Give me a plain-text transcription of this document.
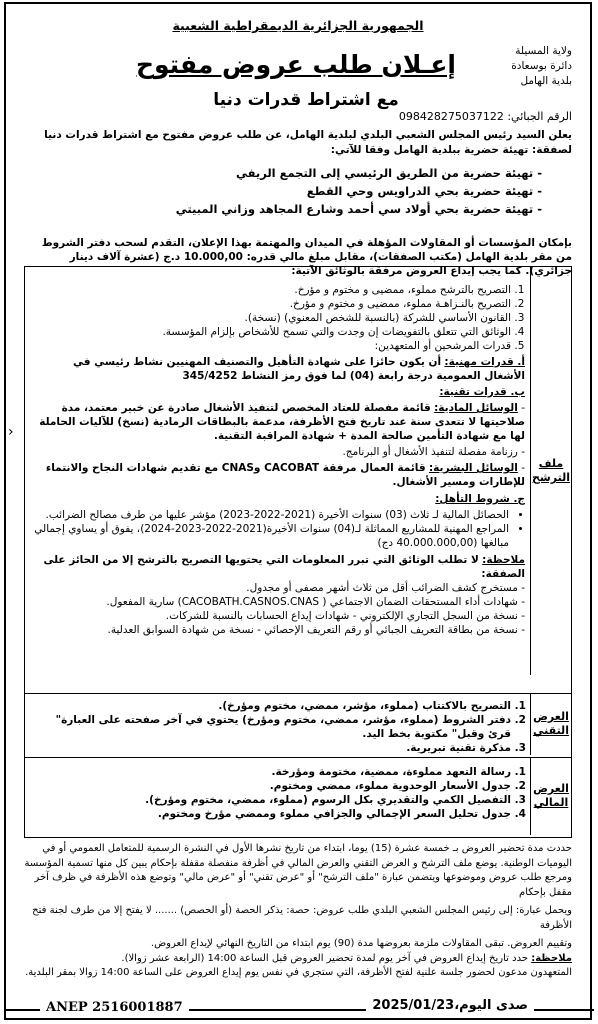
الجمهورية الجزائرية الديمقراطية الشعبية
ولاية المسيلة
دائرة بوسعادة
بلدية الهامل
إعـلان طلب عروض مفتوح
مع اشتراط قدرات دنيا
الرقم الجبائي: 098428275037122
يعلن السيد رئيس المجلس الشعبي البلدي لبلدية الهامل، عن طلب عروض مفتوح مع اشتراط قدرات دنيا لصفقة: تهيئة حضرية ببلدية الهامل وفقا للآتي:
- تهيئة حضرية من الطريق الرئيسي إلى التجمع الريفي
- تهيئة حضرية بحي الدراويس وحي القطع
- تهيئة حضرية بحي أولاد سي أحمد وشارع المجاهد وزاني المبيتي
بإمكان المؤسسات أو المقاولات المؤهلة في الميدان والمهتمة بهذا الإعلان، التقدم لسحب دفتر الشروط من مقر بلدية الهامل (مكتب الصفقات)، مقابل مبلغ مالي قدره: 10.000,00 د.ج (عشرة آلاف دينار جزائري). كما يجب إيداع العروض مرفقة بالوثائق الآتية:
ملف الترشح
1. التصريح بالترشح مملوء، ممضيى و مختوم و مؤرخ.
2. التصريح بالنـزاهـة مملوء، ممضيى و مختوم و مؤرخ.
3. القانون الأساسي للشركة (بالنسبة للشخص المعنوي) (نسخة).
4. الوثائق التي تتعلق بالتفويضات إن وجدت والتي تسمح للأشخاص بإلزام المؤسسة.
5. قدرات المرشحين أو المتعهدين:
أ. قدرات مهنية: أن يكون حائزا على شهادة التأهيل والتصنيف المهنيين نشاط رئيسي في الأشغال العمومية درجة رابعة (04) لما فوق رمز النشاط 345/4252
ب. قدرات تقنية:
- الوسائل المادية: قائمة مفصلة للعتاد المخصص لتنفيذ الأشغال صادرة عن خبير معتمد، مدة صلاحيتها لا تتعدى سنة عند تاريخ فتح الأظرفة، مدعمة بالبطاقات الرمادية (نسخ) للآليات الحاملة لها مع شهادة التأمين صالحة المدة + شهادة المراقبة التقنية.
- رزنامة مفصلة لتنفيذ الأشغال أو البرنامج.
- الوسائل البشرية: قائمة العمال مرفقة CACOBAT وCNAS مع تقديم شهادات النجاح والانتماء للإطارات ومسير الأشغال.
ج. شروط التأهل:
• الحصائل المالية لـ ثلاث (03) سنوات الأخيرة (2021-2022-2023) مؤشر عليها من طرف مصالح الضرائب.
• المراجع المهنية للمشاريع المماثلة لـ(04) سنوات الأخيرة(2021-2022-2023-2024)، يفوق أو يساوي إجمالي مبالغها (40.000.000,00 دج)
ملاحظة: لا تطلب الوثائق التي تبرر المعلومات التي يحتويها التصريح بالترشح إلا من الحائز على الصفقة:
- مستخرج كشف الضرائب أقل من ثلاث أشهر مصفى أو مجدول.
- شهادات أداء المستحقات الضمان الاجتماعي ( CACOBATH.CASNOS.CNAS) سارية المفعول.
- نسخة من السجل التجاري الإلكتروني - شهادات إيداع الحسابات بالنسبة للشركات.
- نسخة من بطاقة التعريف الجبائي أو رقم التعريف الإحصائي - نسخة من شهادة السوابق العدلية.
العرض التقني
1. التصريح بالاكتتاب (مملوء، مؤشر، ممضي، مختوم ومؤرخ).
2. دفتر الشروط (مملوء، مؤشر، ممضي، مختوم ومؤرخ) يحتوي في آخر صفحته على العبارة" قرئ وقبل" مكتوبة بخط اليد.
3. مذكرة تقنية تبريرية.
العرض المالي
1. رسالة التعهد مملوءة، ممضية، مختومة ومؤرخة.
2. جدول الأسعار الوحدوية مملوء، ممضي ومختوم.
3. التفصيل الكمي والتقديري بكل الرسوم (مملوء، ممضي، مختوم ومؤرخ).
4. جدول تحليل السعر الإجمالي والجزافي مملوء وممضي مؤرخ ومختوم.
‹
حددت مدة تحضير العروض بـ خمسة عشرة (15) يوما، ابتداء من تاريخ نشرها الأول في النشرة الرسمية للمتعامل العمومي أو في اليوميات الوطنية. يوضع ملف الترشح و العرض التقني والعرض المالي في أظرفة منفصلة مقفلة بإحكام يبين كل منها تسمية المؤسسة ومرجع طلب عروض وموضوعها ويتضمن عبارة "ملف الترشح" أو "عرض تقني" أو "عرض مالي" وتوضع هذه الأظرفة في ظرف آخر مقفل بإحكام
ويحمل عبارة: إلى رئيس المجلس الشعبي البلدي طلب عروض: حصة: يذكر الحصة (أو الحصص) ....... لا يفتح إلا من طرف لجنة فتح الأظرفة
وتقييم العروض. تبقى المقاولات ملزمة بعروضها مدة (90) يوم ابتداء من التاريخ النهائي لإيداع العروض.
ملاحظة: حدد تاريخ إيداع العروض في آخر يوم لمدة تحضير العروض قبل الساعة 14:00 (الرابعة عشر زوالا).
المتعهدون مدعون لحضور جلسة علنية لفتح الأظرفة، التي ستجري في نفس يوم إيداع العروض على الساعة 14:00 زوالا بمقر البلدية.
ANEP 2516001887	صدى اليوم،2025/01/23
